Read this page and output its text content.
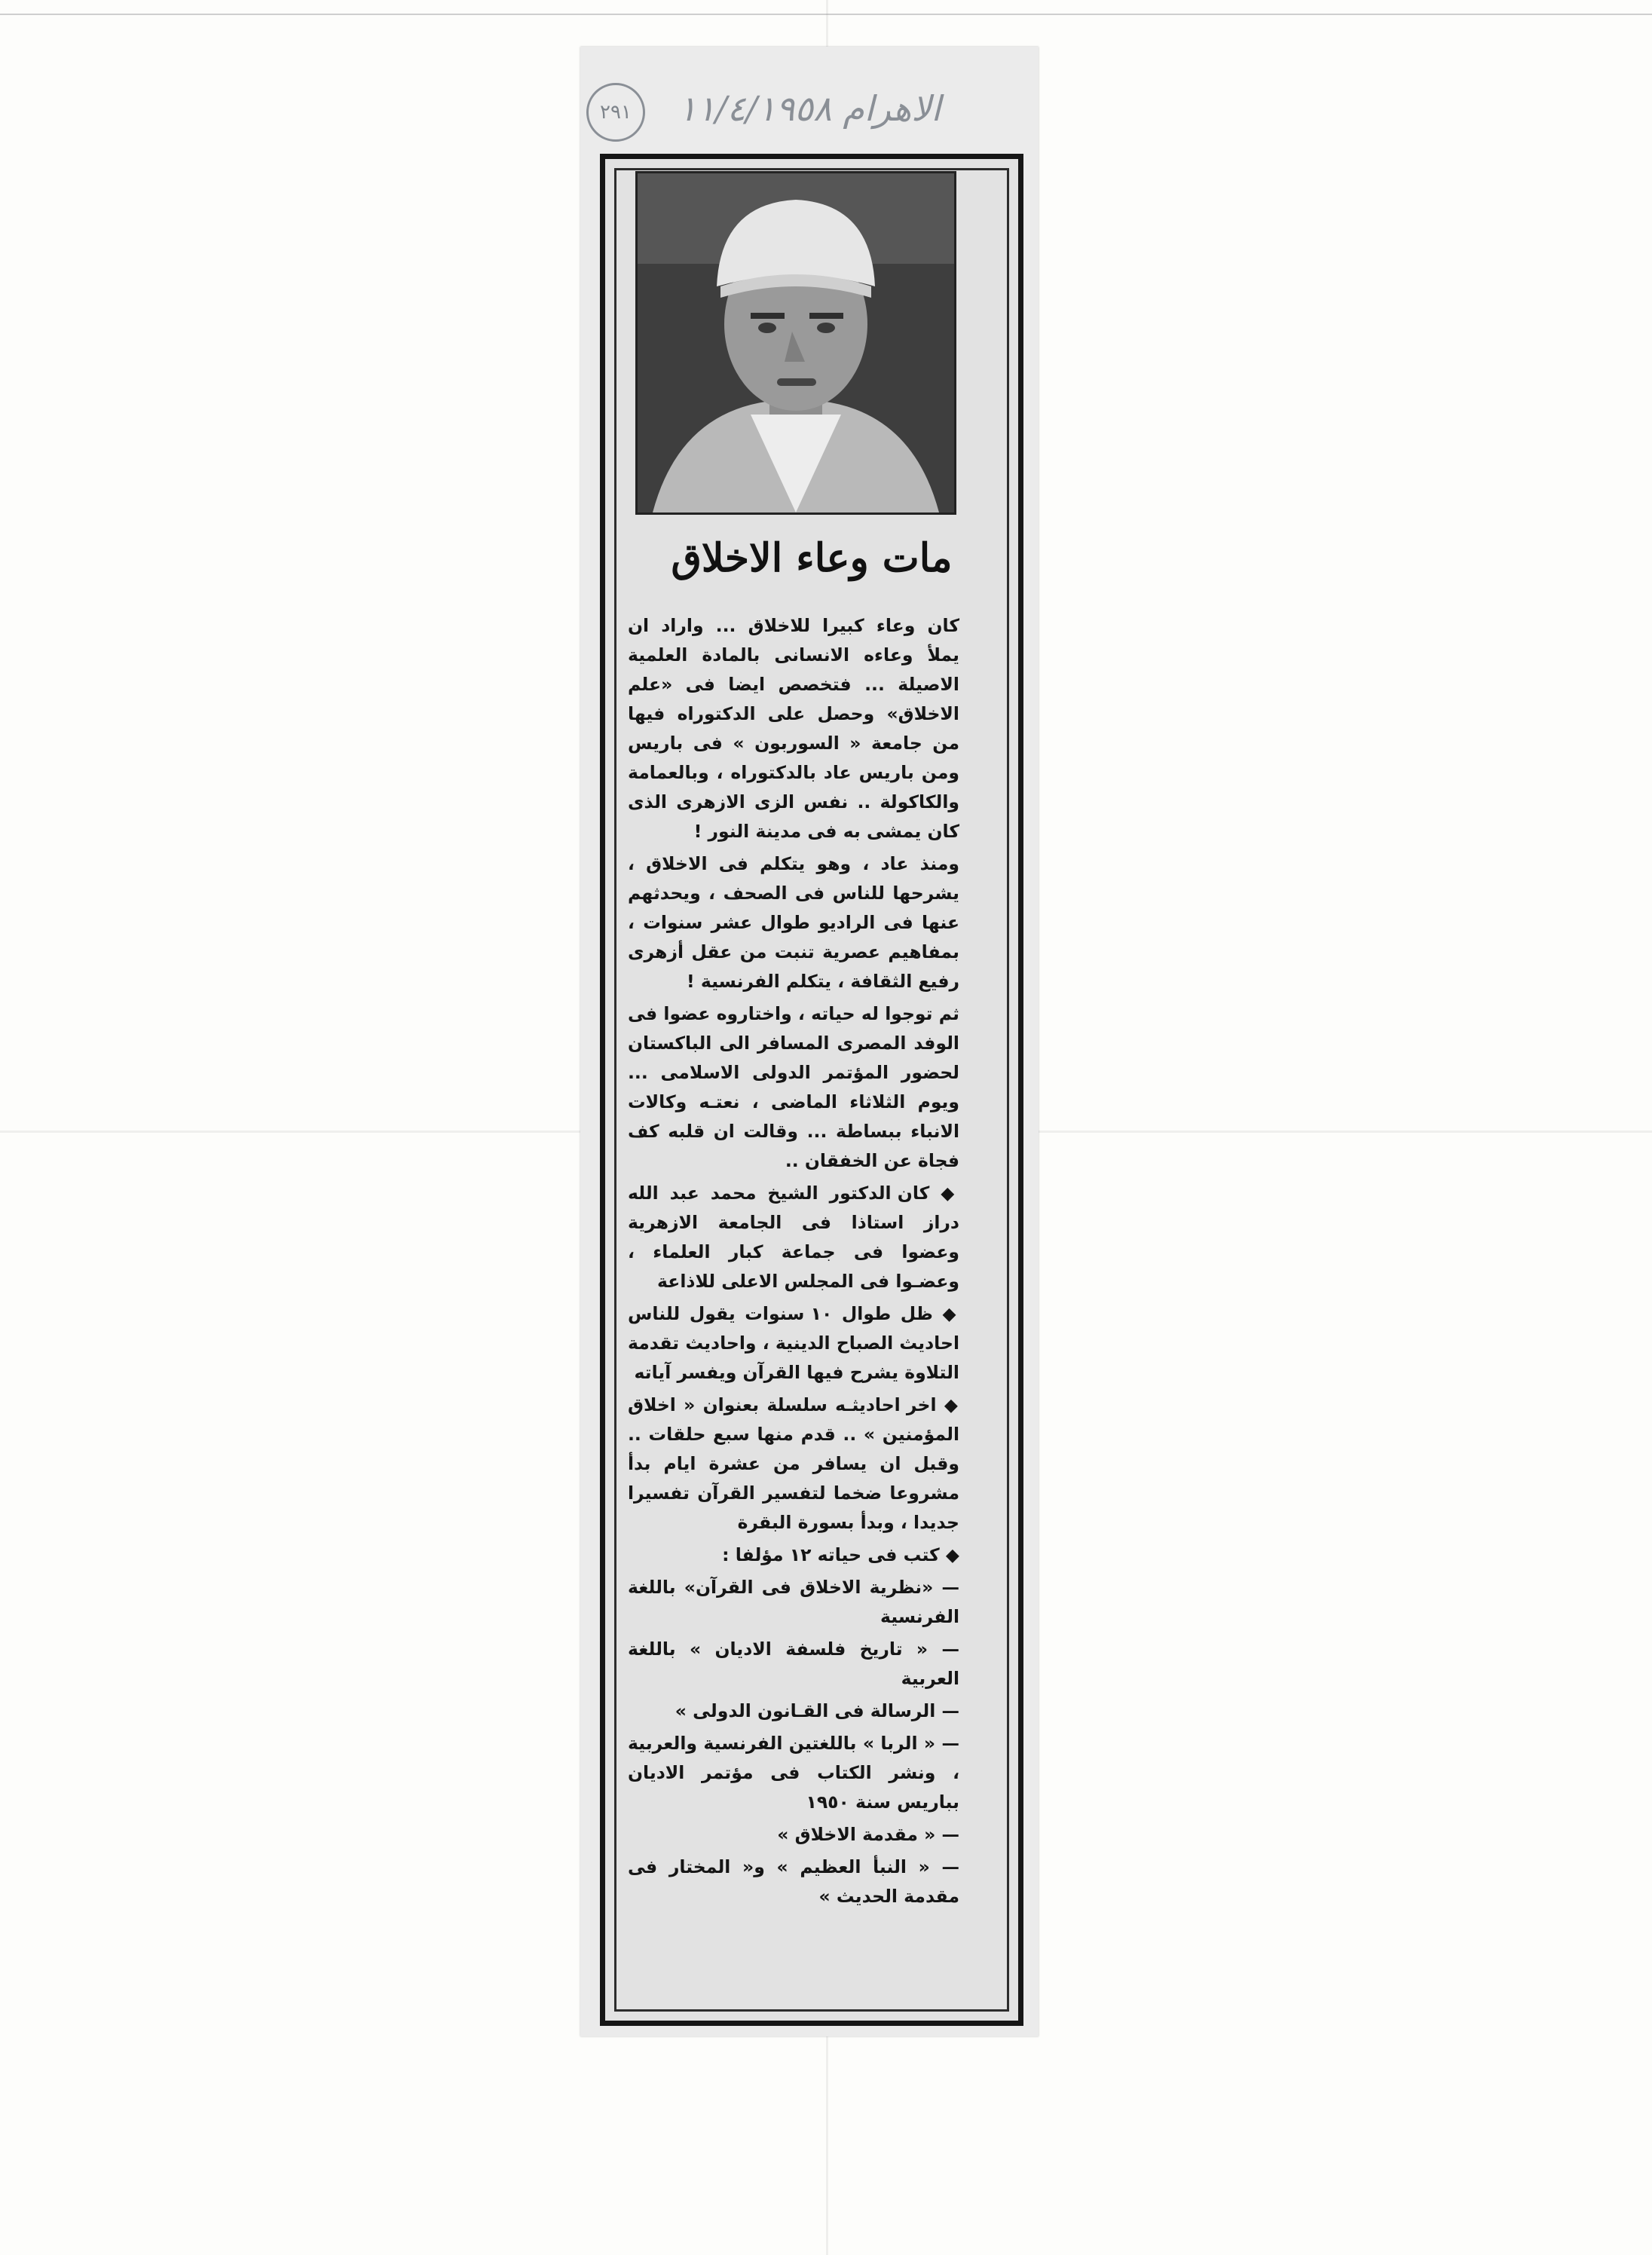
٢٩١	الاهرام ١١/٤/١٩٥٨
مات وعاء الاخلاق

كان وعاء كبيرا للاخلاق ... واراد ان يملأ وعاءه الانسانى بالمادة العلمية الاصيلة ... فتخصص ايضا فى «علم الاخلاق» وحصل على الدكتوراه فيها من جامعة « السوربون » فى باريس ومن باريس عاد بالدكتوراه ، وبالعمامة والكاكولة .. نفس الزى الازهرى الذى كان يمشى به فى مدينة النور !

ومنذ عاد ، وهو يتكلم فى الاخلاق ، يشرحها للناس فى الصحف ، ويحدثهم عنها فى الراديو طوال عشر سنوات ، بمفاهيم عصرية تنبت من عقل أزهرى رفيع الثقافة ، يتكلم الفرنسية !

ثم توجوا له حياته ، واختاروه عضوا فى الوفد المصرى المسافر الى الباكستان لحضور المؤتمر الدولى الاسلامى ... ويوم الثلاثاء الماضى ، نعتـه وكالات الانباء ببساطة ... وقالت ان قلبه كف فجاة عن الخفقان ..

◆ كان الدكتور الشيخ محمد عبد الله دراز استاذا فى الجامعة الازهرية وعضوا فى جماعة كبار العلماء ، وعضـوا فى المجلس الاعلى للاذاعة

◆ ظل طوال ١٠ سنوات يقول للناس احاديث الصباح الدينية ، واحاديث تقدمة التلاوة يشرح فيها القرآن ويفسر آياته

◆ اخر احاديثـه سلسلة بعنوان « اخلاق المؤمنين » .. قدم منها سبع حلقات .. وقبل ان يسافر من عشرة ايام بدأ مشروعا ضخما لتفسير القرآن تفسيرا جديدا ، وبدأ بسورة البقرة

◆ كتب فى حياته ١٢ مؤلفا :

— «نظرية الاخلاق فى القرآن» باللغة الفرنسية

— « تاريخ فلسفة الاديان » باللغة العربية

— الرسالة فى القـانون الدولى »

— « الربا » باللغتين الفرنسية والعربية ، ونشر الكتاب فى مؤتمر الاديان بباريس سنة ١٩٥٠

— « مقدمة الاخلاق »

— « النبأ العظيم » و« المختار فى مقدمة الحديث »
